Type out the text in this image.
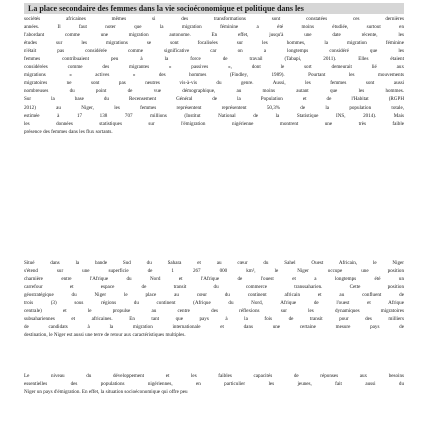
La place secondaire des femmes dans la vie socioéconomique et politique dans les
sociétés africaines mêmes si des transformations sont constatées ces dernières
années. Il faut noter que la migration féminine a été moins étudiée, surtout en
l'abordant comme une migration autonome. En effet, jusqu'à une date récente, les
études sur les migrations se sont focalisées sur les hommes, la migration féminine
n'était pas considérée comme significative car on a longtemps considéré que les
femmes contribuaient peu à la force de travail (Tabapi, 2011). Elles étaient
considérées comme des migrantes « passives », dont le sort demeurait lié aux
migrations « actives » des hommes (Findley, 1989). Pourtant les mouvements
migratoires ne sont pas neutres vis-à-vis du genre. Aussi, les femmes sont aussi
nombreuses du point de vue démographique, au moins autant que les hommes.
Sur la base du Recensement Général de la Population et de l'Habitat (RGPH
2012) au Niger, les femmes représentent représentent 50,3% de la population totale,
estimée à 17 138 707 millions (Institut National de la Statistique INS, 2014). Mais
les données statistiques sur l'émigration nigérienne montrent une très faible
présence des femmes dans les flux sortants.
Situé dans la bande Sud du Sahara et au cœur du Sahel Ouest Africain, le Niger
s'étend sur une superficie de 1 267 000 km², le Niger occupe une position
charnière entre l'Afrique du Nord et l'Afrique de l'ouest et a longtemps été un
carrefour et espace de transit du commerce transsaharien. Cette position
géostratégique du Niger le place au cœur du continent africain et au confluent de
trois (3) sous régions du continent (Afrique du Nord, Afrique de l'ouest et Afrique
centrale) et le propulse au centre des réflexions sur les dynamiques migratoires
subsahariennes et africaines. En tant que pays à la fois de transit pour des milliers
de candidats à la migration internationale et dans une certaine mesure pays de
destination, le Niger est aussi une terre de retour aux caractéristiques multiples.
Le niveau du développement et les faibles capacités de réponses aux besoins
essentielles des populations nigériennes, en particulier les jeunes, fait aussi du
Niger un pays d'émigration. En effet, la situation socioéconomique qui offre peu
